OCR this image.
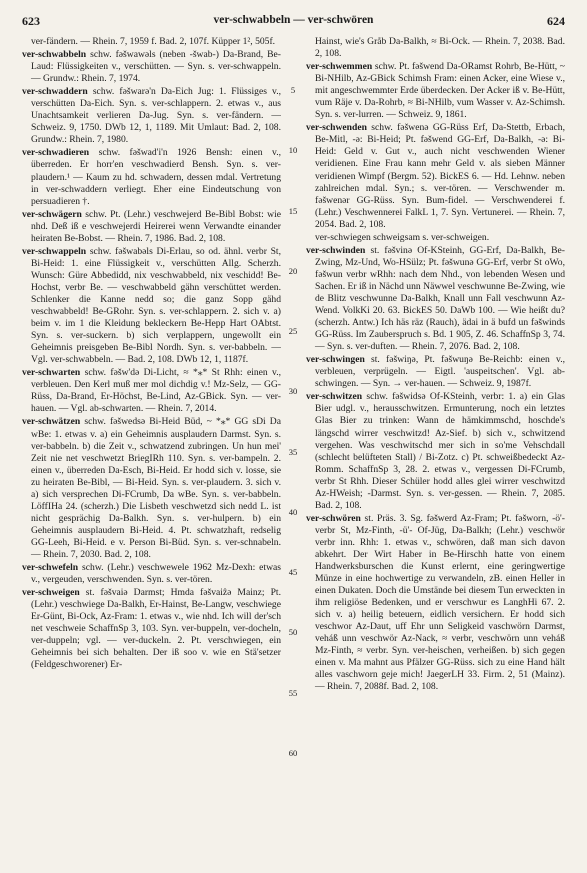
623	ver-schwabbeln — ver-schwören	624

ver-fändern. — Rhein. 7, 1959 f. Bad. 2, 107f. Küpper 1², 505f.

ver-schwabbeln schw. fəšwawəls (neben -šwab-) Da-Brand, Be-Laud: Flüssigkeiten v., verschütten. — Syn. s. ver-schwappeln. — Grundw.: Rhein. 7, 1974.

ver-schwaddern schw. fəšwarə'n Da-Eich Jug: 1. Flüssiges v., verschütten Da-Eich. Syn. s. ver-schlappern. 2. etwas v., aus Unachtsamkeit verlieren Da-Jug. Syn. s. ver-fändern. — Schweiz. 9, 1750. DWb 12, 1, 1189. Mit Umlaut: Bad. 2, 108. Grundw.: Rhein. 7, 1980.

ver-schwadieren schw. fəšwad'i'n 1926 Bensh: einen v., überreden. Er horr'en veschwadierd Bensh. Syn. s. ver-plaudern.¹ — Kaum zu hd. schwadern, dessen mdal. Vertretung in ver-schwaddern verliegt. Eher eine Eindeutschung von persuadieren †.

ver-schwägern schw. Pt. (Lehr.) veschwejerd Be-Bibl Bobst: wie nhd. Deß iß e veschwejerdi Heirerei wenn Verwandte einander heiraten Be-Bobst. — Rhein. 7, 1986. Bad. 2, 108.

ver-schwappeln schw. fəšwabəls Di-Erlau, so od. ähnl. verbr St, Bi-Heid: 1. eine Flüssigkeit v., verschütten Allg. Scherzh. Wunsch: Güre Abbedidd, nix veschwabbeld, nix veschidd! Be-Hochst, verbr Be. — veschwabbeld gähn verschüttet werden. Schlenker die Kanne nedd so; die ganz Sopp gähd veschwabbeld! Be-GRohr. Syn. s. ver-schlappern. 2. sich v. a) beim v. im 1 die Kleidung bekleckern Be-Hepp Hart OAbtst. Syn. s. ver-suckern. b) sich verplappern, ungewollt ein Geheimnis preisgeben Be-Bibl Nordh. Syn. s. ver-babbeln. — Vgl. ver-schwabbeln. — Bad. 2, 108. DWb 12, 1, 1187f.

ver-schwarten schw. fəšw'də Di-Licht, ≈ *⁎* St Rhh: einen v., verbleuen. Den Kerl muß mer mol dichdig v.! Mz-Selz, — GG-Rüss, Da-Brand, Er-Höchst, Be-Lind, Az-GBick. Syn. — ver-hauen. — Vgl. ab-schwarten. — Rhein. 7, 2014.

ver-schwätzen schw. fəšwedsə Bi-Heid Büd, ~ *⁎* GG sDi Da wBe: 1. etwas v. a) ein Geheimnis ausplaudern Darmst. Syn. s. ver-babbeln. b) die Zeit v., schwatzend zubringen. Un hun mei' Zeit nie net veschwetzt BriegIRh 110. Syn. s. ver-bampeln. 2. einen v., überreden Da-Esch, Bi-Heid. Er hodd sich v. losse, sie zu heiraten Be-Bibl, — Bi-Heid. Syn. s. ver-plaudern. 3. sich v. a) sich versprechen Di-FCrumb, Da wBe. Syn. s. ver-babbeln. LöffIHa 24. (scherzh.) Die Lisbeth veschwetzd sich nedd L. ist nicht gesprächig Da-Balkh. Syn. s. ver-hulpern. b) ein Geheimnis ausplaudern Bi-Heid. 4. Pt. schwatzhaft, redselig GG-Leeh, Bi-Heid. e v. Person Bi-Büd. Syn. s. ver-schnabeln. — Rhein. 7, 2030. Bad. 2, 108.

ver-schwefeln schw. (Lehr.) veschwewele 1962 Mz-Dexh: etwas v., vergeuden, verschwenden. Syn. s. ver-tören.

ver-schweigen st. fəšvaiə Darmst; Hmda fəšvaiẑə Mainz; Pt. (Lehr.) veschwiege Da-Balkh, Er-Hainst, Be-Langw, veschwiege Er-Günt, Bi-Ock, Az-Fram: 1. etwas v., wie nhd. Ich will der'sch net veschweie SchaffnSp 3, 103. Syn. ver-buppeln, ver-docheln, ver-duppeln; vgl. — ver-duckeln. 2. Pt. verschwiegen, ein Geheimnis bei sich behalten. Der iß soo v. wie en Stä'setzer (Feldgeschworener) Er-

5
10
15
20
25
30
35
40
45
50
55
60

Hainst, wie's Gråb Da-Balkh, ≈ Bi-Ock. — Rhein. 7, 2038. Bad. 2, 108.

ver-schwemmen schw. Pt. fəšwend Da-ORamst Rohrb, Be-Hütt, ~ Bi-NHilb, Az-GBick Schimsh Fram: einen Acker, eine Wiese v., mit angeschwemmter Erde überdecken. Der Acker iß v. Be-Hütt, vum Räje v. Da-Rohrb, ≈ Bi-NHilb, vum Wasser v. Az-Schimsh. Syn. s. ver-lurren. — Schweiz. 9, 1861.

ver-schwenden schw. fəšwenə GG-Rüss Erf, Da-Stettb, Erbach, Be-Mitl, -ǝ: Bi-Heid; Pt. fəšwend GG-Erf, Da-Balkh, -ǝ: Bi-Heid: Geld v. Gut v., auch nicht veschwenden Wiener veridienen. Eine Frau kann mehr Geld v. als sieben Männer veridienen Wimpf (Bergm. 52). BickES 6. — Hd. Lehnw. neben zahlreichen mdal. Syn.; s. ver-tören. — Verschwender m. fəšwenər GG-Rüss. Syn. Bum-fidel. — Verschwenderei f. (Lehr.) Veschwennerei FalkL 1, 7. Syn. Vertunerei. — Rhein. 7, 2054. Bad. 2, 108.

ver-schwiegen schweigsam s. ver-schweigen.

ver-schwinden st. fəšvinə Of-KSteinh, GG-Erf, Da-Balkh, Be-Zwing, Mz-Und, Wo-HSülz; Pt. fəšwunə GG-Erf, verbr St oWo, fəšwun verbr wRhh: nach dem Nhd., von lebenden Wesen und Sachen. Er iß in Nächd unn Näwwel veschwunne Be-Zwing, wie de Blitz veschwunne Da-Balkh, Knall unn Fall veschwunn Az-Wend. VolkKi 20. 63. BickES 50. DaWb 100. — Wie heißt du? (scherzh. Antw.) Ich häs räz (Rauch), ädai in ä bufd un fəšwinds GG-Rüss. Im Zauberspruch s. Bd. 1 905, Z. 46. SchaffnSp 3, 74. — Syn. s. ver-duften. — Rhein. 7, 2076. Bad. 2, 108.

ver-schwingen st. fəšwiŋə, Pt. fəšwuŋə Be-Reichb: einen v., verbleuen, verprügeln. — Eigtl. 'auspeitschen'. Vgl. ab-schwingen. — Syn. → ver-hauen. — Schweiz. 9, 1987f.

ver-schwitzen schw. fəšwidsə Of-KSteinh, verbr: 1. a) ein Glas Bier udgl. v., herausschwitzen. Ermunterung, noch ein letztes Glas Bier zu trinken: Wann de hämkimmschd, hoschde's längschd wirrer veschwitzd! Az-Sief. b) sich v., schwitzend vergehen. Was veschwitschd mer sich in so'me Vehschdall (schlecht belüfteten Stall) / Bi-Zotz. c) Pt. schweißbedeckt Az-Romm. SchaffnSp 3, 28. 2. etwas v., vergessen Di-FCrumb, verbr St Rhh. Dieser Schüler hodd alles glei wirrer veschwitzd Az-HWeish; -Darmst. Syn. s. ver-gessen. — Rhein. 7, 2085. Bad. 2, 108.

ver-schwören st. Präs. 3. Sg. fəšwerd Az-Fram; Pt. fəšworn, -ö'- verbr St, Mz-Finth, -ü'- Of-Jüg, Da-Balkh; (Lehr.) veschwör verbr inn. Rhh: 1. etwas v., schwören, daß man sich davon abkehrt. Der Wirt Haber in Be-Hirschh hatte von einem Handwerksburschen die Kunst erlernt, eine geringwertige Münze in eine hochwertige zu verwandeln, zB. einen Heller in einen Dukaten. Doch die Umstände bei diesem Tun erweckten in ihm religiöse Bedenken, und er verschwur es LanghHi 67. 2. sich v. a) heilig beteuern, eidlich versichern. Er hodd sich veschwor Az-Daut, uff Ehr unn Seligkeid vaschwörn Darmst, veháß unn veschwör Az-Nack, ≈ verbr, veschwörn unn veháß Mz-Finth, ≈ verbr. Syn. ver-heischen, verheißen. b) sich gegen einen v. Ma mahnt aus Pfälzer GG-Rüss. sich zu eine Hand hält alles vaschworn geje mich! JaegerLH 33. Firm. 2, 51 (Mainz). — Rhein. 7, 2088f. Bad. 2, 108.
